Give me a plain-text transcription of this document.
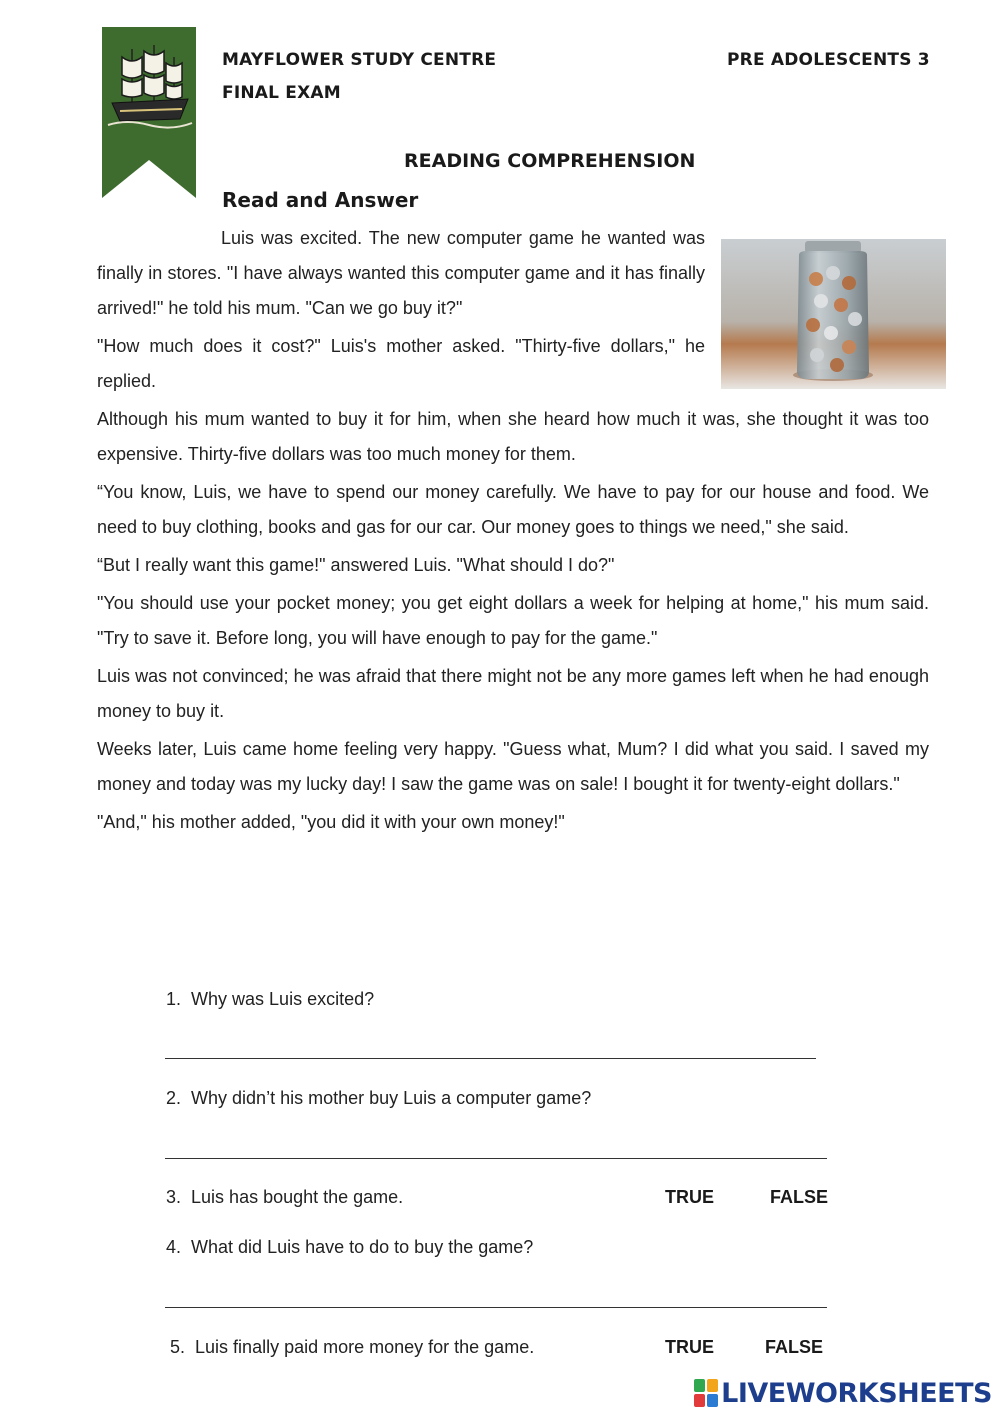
MAYFLOWER STUDY CENTRE
FINAL EXAM
PRE ADOLESCENTS 3
READING COMPREHENSION
Read and Answer

Luis was excited. The new computer game he wanted was finally in stores. "I have always wanted this computer game and it has finally arrived!" he told his mum. "Can we go buy it?"

"How much does it cost?" Luis's mother asked. "Thirty-five dollars," he replied.

Although his mum wanted to buy it for him, when she heard how much it was, she thought it was too expensive. Thirty-five dollars was too much money for them.

“You know, Luis, we have to spend our money carefully. We have to pay for our house and food. We need to buy clothing, books and gas for our car. Our money goes to things we need," she said.

“But I really want this game!" answered Luis. "What should I do?"

"You should use your pocket money; you get eight dollars a week for helping at home," his mum said. "Try to save it. Before long, you will have enough to pay for the game."

Luis was not convinced; he was afraid that there might not be any more games left when he had enough money to buy it.

Weeks later, Luis came home feeling very happy. "Guess what, Mum? I did what you said. I saved my money and today was my lucky day! I saw the game was on sale! I bought it for twenty-eight dollars."

"And," his mother added, "you did it with your own money!"

1. Why was Luis excited?
2. Why didn’t his mother buy Luis a computer game?
3. Luis has bought the game.	TRUE	FALSE
4. What did Luis have to do to buy the game?
5. Luis finally paid more money for the game.	TRUE	FALSE
LIVEWORKSHEETS
